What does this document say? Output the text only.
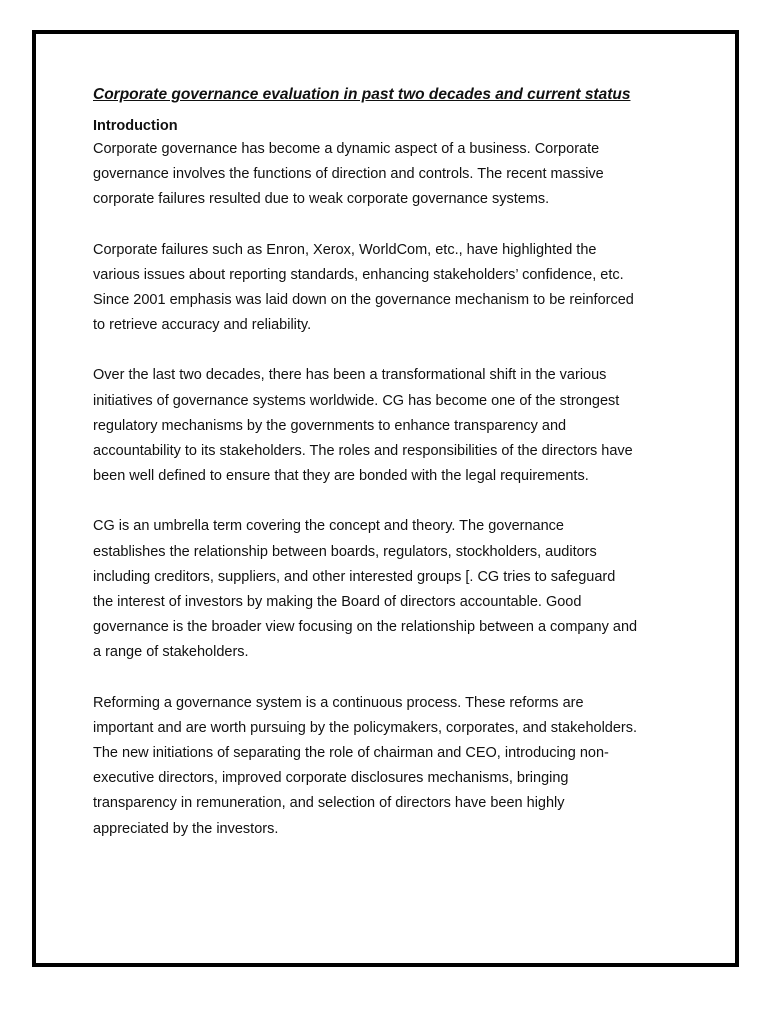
Corporate governance evaluation in past two decades and current status

Introduction

Corporate governance has become a dynamic aspect of a business. Corporate
governance involves the functions of direction and controls. The recent massive
corporate failures resulted due to weak corporate governance systems.

Corporate failures such as Enron, Xerox, WorldCom, etc., have highlighted the
various issues about reporting standards, enhancing stakeholders’ confidence, etc.
Since 2001 emphasis was laid down on the governance mechanism to be reinforced
to retrieve accuracy and reliability.

Over the last two decades, there has been a transformational shift in the various
initiatives of governance systems worldwide. CG has become one of the strongest
regulatory mechanisms by the governments to enhance transparency and
accountability to its stakeholders. The roles and responsibilities of the directors have
been well defined to ensure that they are bonded with the legal requirements.

CG is an umbrella term covering the concept and theory. The governance
establishes the relationship between boards, regulators, stockholders, auditors
including creditors, suppliers, and other interested groups [. CG tries to safeguard
the interest of investors by making the Board of directors accountable. Good
governance is the broader view focusing on the relationship between a company and
a range of stakeholders.

Reforming a governance system is a continuous process. These reforms are
important and are worth pursuing by the policymakers, corporates, and stakeholders.
The new initiations of separating the role of chairman and CEO, introducing non-
executive directors, improved corporate disclosures mechanisms, bringing
transparency in remuneration, and selection of directors have been highly
appreciated by the investors.
